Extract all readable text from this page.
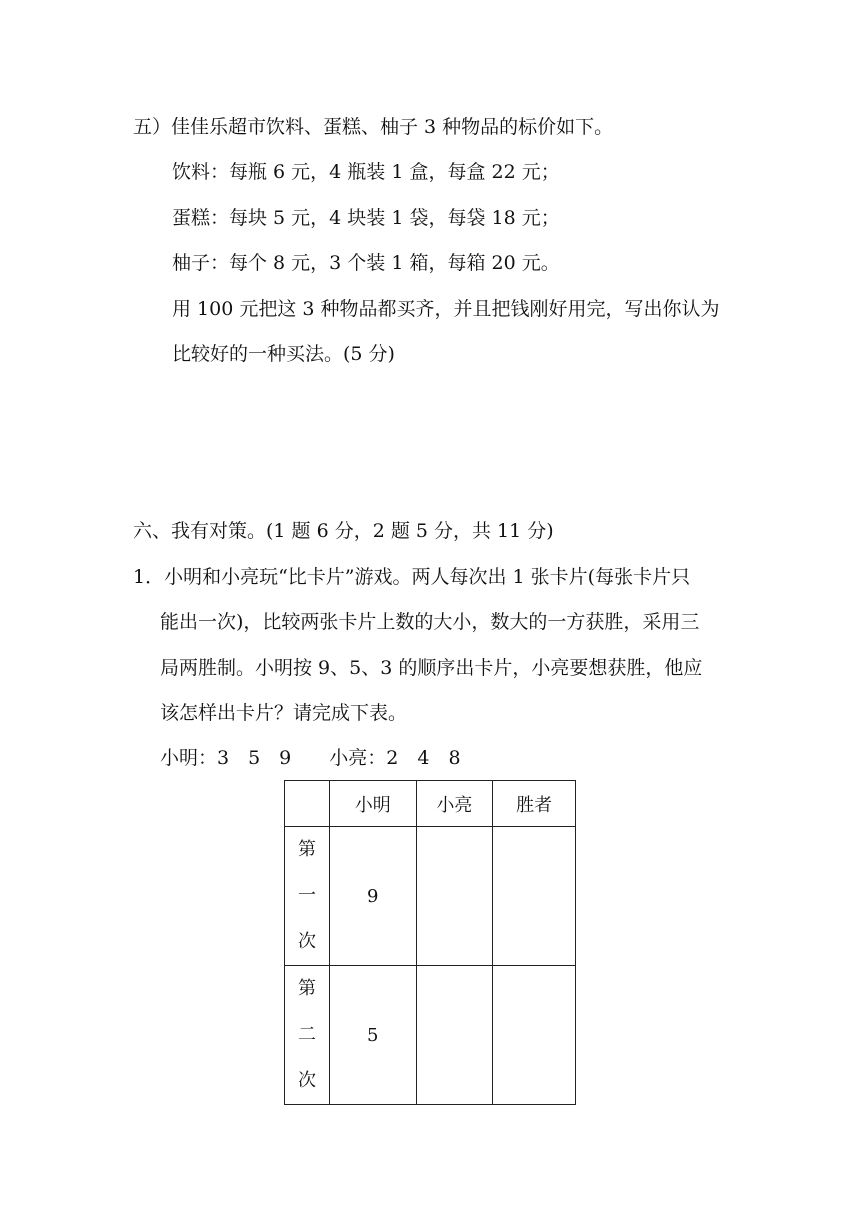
五）佳佳乐超市饮料、蛋糕、柚子 3 种物品的标价如下。
饮料：每瓶 6 元，4 瓶装 1 盒，每盒 22 元；
蛋糕：每块 5 元，4 块装 1 袋，每袋 18 元；
柚子：每个 8 元，3 个装 1 箱，每箱 20 元。
用 100 元把这 3 种物品都买齐，并且把钱刚好用完，写出你认为
比较好的一种买法。(5 分)
六、我有对策。(1 题 6 分，2 题 5 分，共 11 分)
1．小明和小亮玩“比卡片”游戏。两人每次出 1 张卡片(每张卡片只
能出一次)，比较两张卡片上数的大小，数大的一方获胜，采用三
局两胜制。小明按 9、5、3 的顺序出卡片，小亮要想获胜，他应
该怎样出卡片？请完成下表。
小明：3　5　9　　小亮：2　4　8
	小明	小亮	胜者

第
一
次	9		

第
二
次	5		
